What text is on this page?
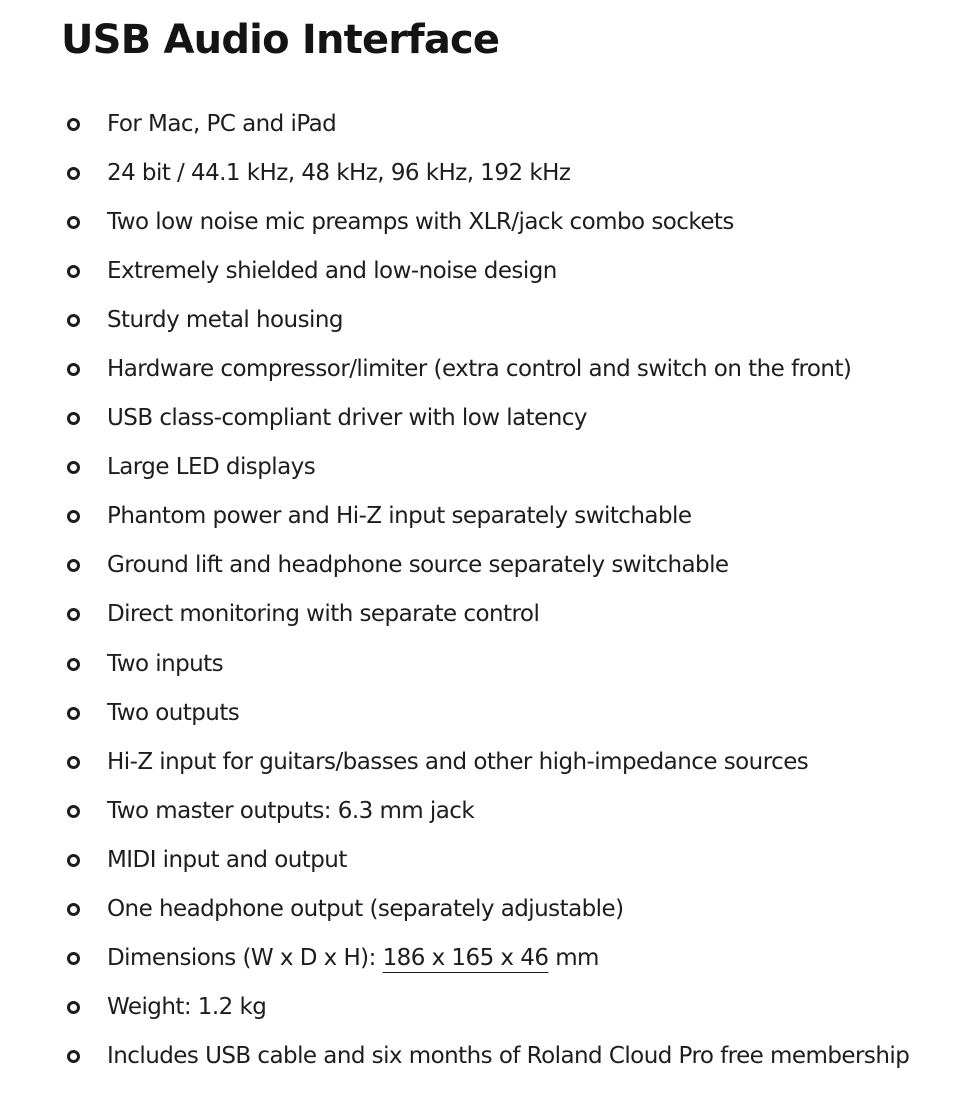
USB Audio Interface
For Mac, PC and iPad
24 bit / 44.1 kHz, 48 kHz, 96 kHz, 192 kHz
Two low noise mic preamps with XLR/jack combo sockets
Extremely shielded and low-noise design
Sturdy metal housing
Hardware compressor/limiter (extra control and switch on the front)
USB class-compliant driver with low latency
Large LED displays
Phantom power and Hi-Z input separately switchable
Ground lift and headphone source separately switchable
Direct monitoring with separate control
Two inputs
Two outputs
Hi-Z input for guitars/basses and other high-impedance sources
Two master outputs: 6.3 mm jack
MIDI input and output
One headphone output (separately adjustable)
Dimensions (W x D x H): 186 x 165 x 46 mm
Weight: 1.2 kg
Includes USB cable and six months of Roland Cloud Pro free membership
